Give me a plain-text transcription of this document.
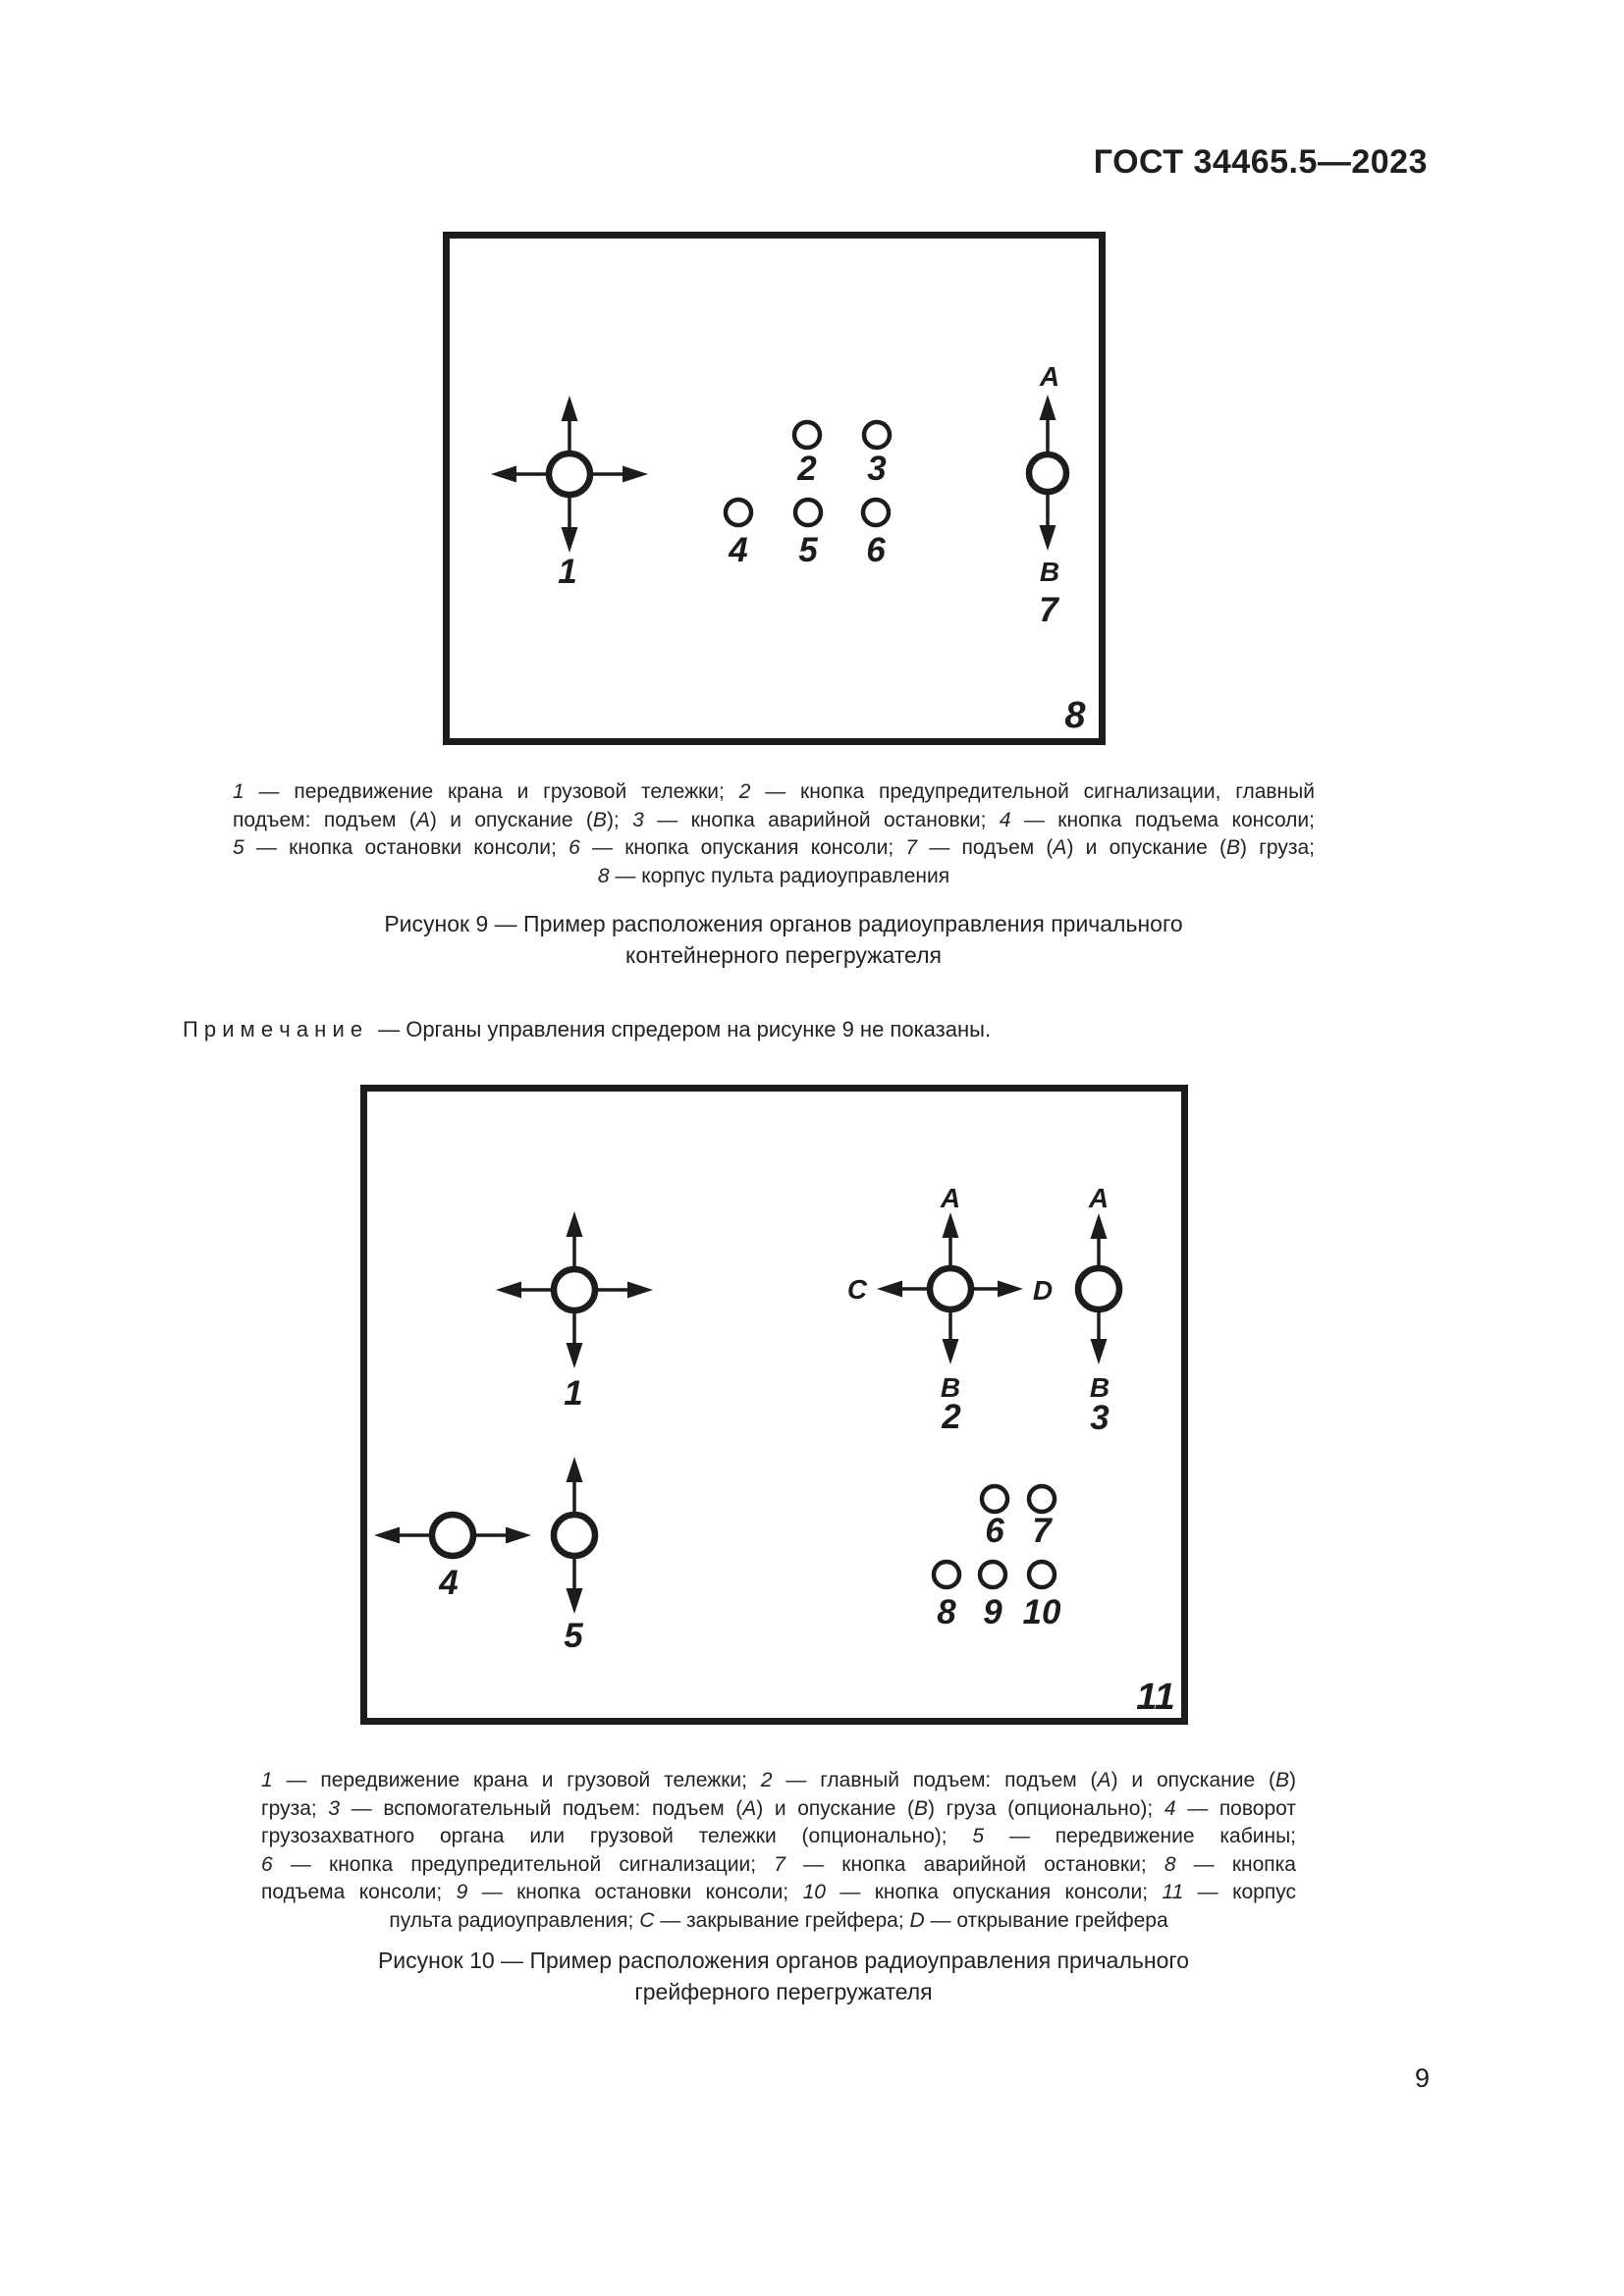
ГОСТ 34465.5—2023
1
A
B
7
2 3
4 5 6
8
1 — передвижение крана и грузовой тележки; 2 — кнопка предупредительной сигнализации, главный
подъем: подъем (А) и опускание (В); 3 — кнопка аварийной остановки; 4 — кнопка подъема консоли;
5 — кнопка остановки консоли; 6 — кнопка опускания консоли; 7 — подъем (А) и опускание (В) груза;
8 — корпус пульта радиоуправления
Рисунок 9 — Пример расположения органов радиоуправления причального
контейнерного перегружателя
1
A
B
C	D
2
A
B
3
4
5
6 7
8 9 10
11
1 — передвижение крана и грузовой тележки; 2 — главный подъем: подъем (А) и опускание (В)
груза; 3 — вспомогательный подъем: подъем (А) и опускание (В) груза (опционально); 4 — поворот
грузозахватного органа или грузовой тележки (опционально); 5 — передвижение кабины;
6 — кнопка предупредительной сигнализации; 7 — кнопка аварийной остановки; 8 — кнопка
подъема консоли; 9 — кнопка остановки консоли; 10 — кнопка опускания консоли; 11 — корпус
пульта радиоуправления; С — закрывание грейфера; D — открывание грейфера
Рисунок 10 — Пример расположения органов радиоуправления причального
грейферного перегружателя
П р и м е ч а н и е — Органы управления спредером на рисунке 9 не показаны.
9
